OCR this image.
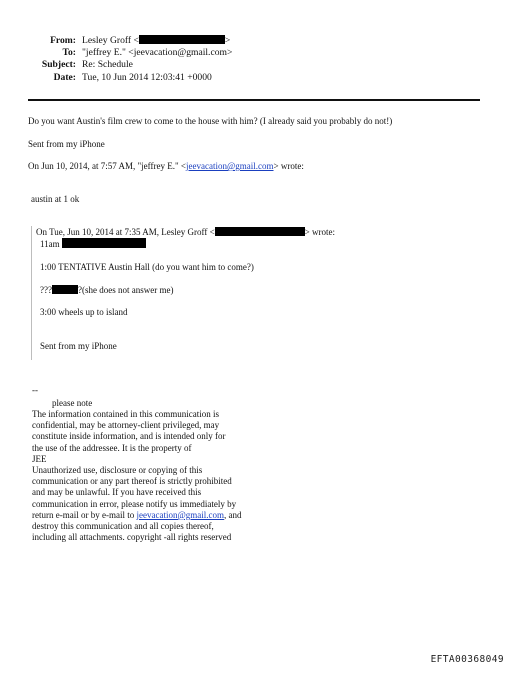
From: Lesley Groff <	>
To: "jeffrey E." <jeevacation@gmail.com>
Subject: Re: Schedule
Date: Tue, 10 Jun 2014 12:03:41 +0000
Do you want Austin's film crew to come to the house with him? (I already said you probably do not!)
Sent from my iPhone
On Jun 10, 2014, at 7:57 AM, "jeffrey E." <jeevacation@gmail.com> wrote:
austin at 1 ok
On Tue, Jun 10, 2014 at 7:35 AM, Lesley Groff <	> wrote:
11am
1:00 TENTATIVE Austin Hall (do you want him to come?)
???	?(she does not answer me)
3:00 wheels up to island
Sent from my iPhone
--
please note
The information contained in this communication is
confidential, may be attorney-client privileged, may
constitute inside information, and is intended only for
the use of the addressee. It is the property of
JEE
Unauthorized use, disclosure or copying of this
communication or any part thereof is strictly prohibited
and may be unlawful. If you have received this
communication in error, please notify us immediately by
return e-mail or by e-mail to jeevacation@gmail.com, and
destroy this communication and all copies thereof,
including all attachments. copyright -all rights reserved
EFTA00368049
